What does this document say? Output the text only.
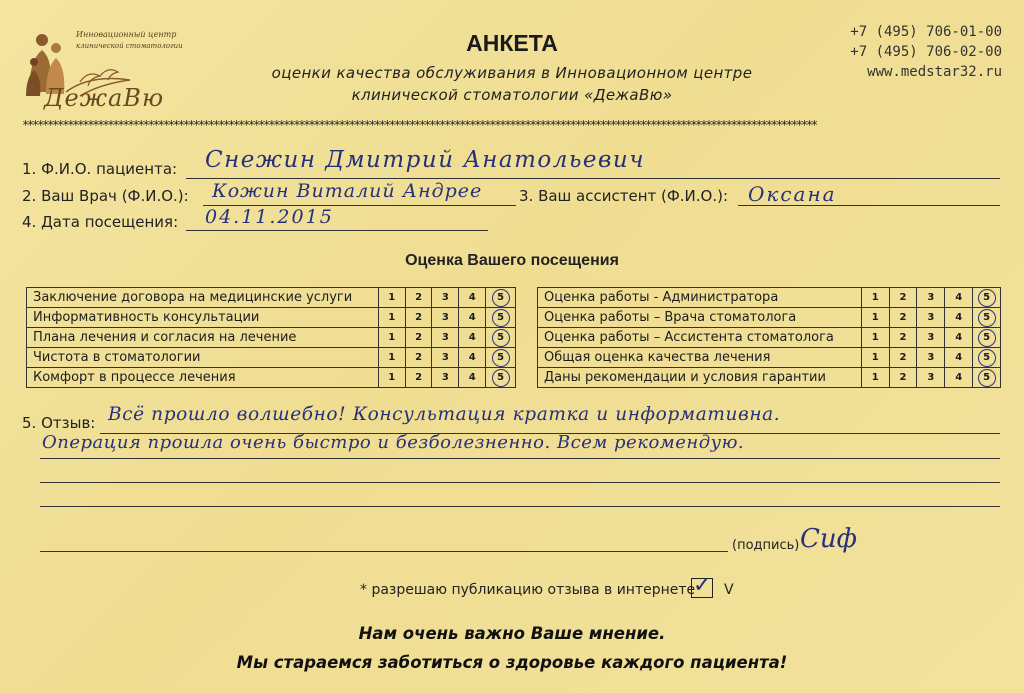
Инновационный центр
клинической стоматологии
ДежаВю
АНКЕТА
оценки качества обслуживания в Инновационном центре
клинической стоматологии «ДежаВю»
+7 (495) 706-01-00
+7 (495) 706-02-00
www.medstar32.ru
**************************************************************************************************************************************************************
1. Ф.И.О. пациента: Снежин Дмитрий Анатольевич
2. Ваш Врач (Ф.И.О.): Кожин Виталий Андрее 3. Ваш ассистент (Ф.И.О.): Оксана
4. Дата посещения: 04.11.2015
Оценка Вашего посещения
Заключение договора на медицинские услуги	1	2	3	4	5

Информативность консультации	1	2	3	4	5

Плана лечения и согласия на лечение	1	2	3	4	5

Чистота в стоматологии	1	2	3	4	5

Комфорт в процессе лечения	1	2	3	4	5
Оценка работы - Администратора	1	2	3	4	5

Оценка работы – Врача стоматолога	1	2	3	4	5

Оценка работы – Ассистента стоматолога	1	2	3	4	5

Общая оценка качества лечения	1	2	3	4	5

Даны рекомендации и условия гарантии	1	2	3	4	5
5. Отзыв: Всё прошло волшебно! Консультация кратка и информативна.
Операция прошла очень быстро и безболезненно. Всем рекомендую.
(подпись) Сиф
* разрешаю публикацию отзыва в интернете
✓ V
Нам очень важно Ваше мнение.
Мы стараемся заботиться о здоровье каждого пациента!
